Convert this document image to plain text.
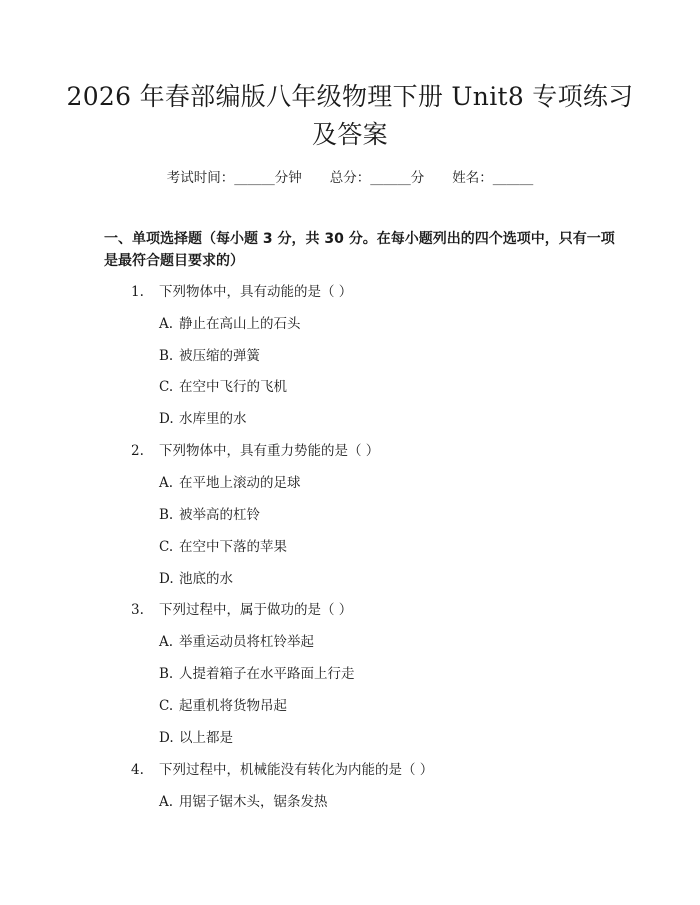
2026 年春部编版八年级物理下册 Unit8 专项练习及答案
考试时间：______分钟 总分：______分 姓名：______
一、单项选择题（每小题 3 分，共 30 分。在每小题列出的四个选项中，只有一项是最符合题目要求的）
1. 下列物体中，具有动能的是（ ）
A. 静止在高山上的石头
B. 被压缩的弹簧
C. 在空中飞行的飞机
D. 水库里的水
2. 下列物体中，具有重力势能的是（ ）
A. 在平地上滚动的足球
B. 被举高的杠铃
C. 在空中下落的苹果
D. 池底的水
3. 下列过程中，属于做功的是（ ）
A. 举重运动员将杠铃举起
B. 人提着箱子在水平路面上行走
C. 起重机将货物吊起
D. 以上都是
4. 下列过程中，机械能没有转化为内能的是（ ）
A. 用锯子锯木头，锯条发热
